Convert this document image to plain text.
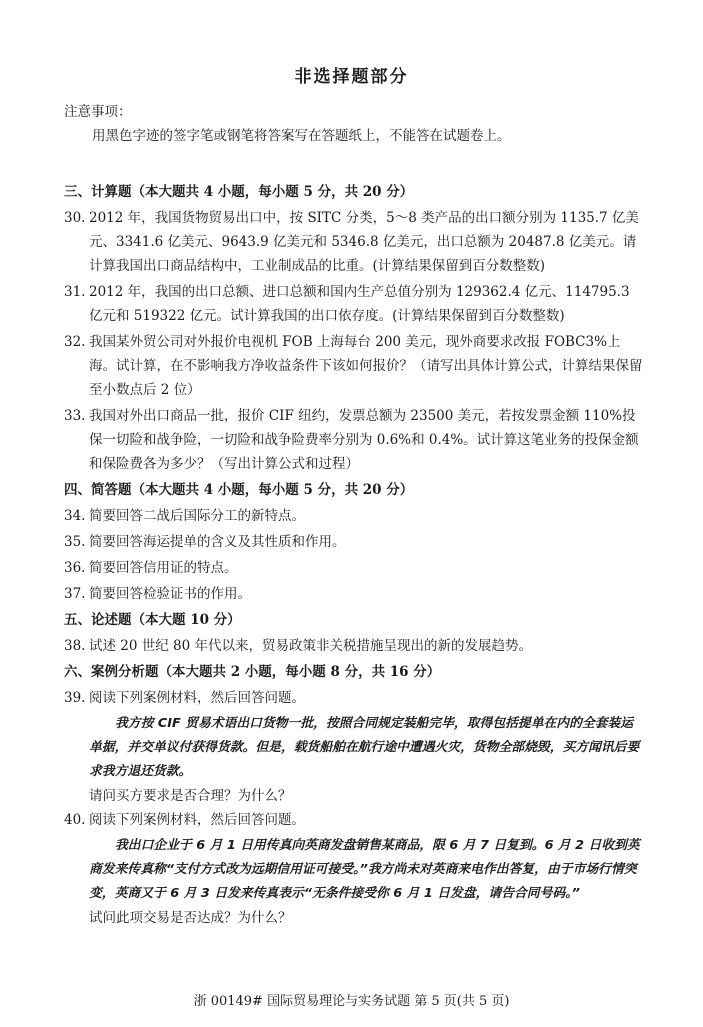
非选择题部分
注意事项：
用黑色字迹的签字笔或钢笔将答案写在答题纸上，不能答在试题卷上。
三、计算题（本大题共 4 小题，每小题 5 分，共 20 分）
30. 2012 年，我国货物贸易出口中，按 SITC 分类，5～8 类产品的出口额分别为 1135.7 亿美元、3341.6 亿美元、9643.9 亿美元和 5346.8 亿美元，出口总额为 20487.8 亿美元。请计算我国出口商品结构中，工业制成品的比重。(计算结果保留到百分数整数)
31. 2012 年，我国的出口总额、进口总额和国内生产总值分别为 129362.4 亿元、114795.3 亿元和 519322 亿元。试计算我国的出口依存度。(计算结果保留到百分数整数)
32. 我国某外贸公司对外报价电视机 FOB 上海每台 200 美元，现外商要求改报 FOBC3%上海。试计算，在不影响我方净收益条件下该如何报价？（请写出具体计算公式，计算结果保留至小数点后 2 位）
33. 我国对外出口商品一批，报价 CIF 纽约，发票总额为 23500 美元，若按发票金额 110%投保一切险和战争险，一切险和战争险费率分别为 0.6%和 0.4%。试计算这笔业务的投保金额和保险费各为多少？（写出计算公式和过程）
四、简答题（本大题共 4 小题，每小题 5 分，共 20 分）
34. 简要回答二战后国际分工的新特点。
35. 简要回答海运提单的含义及其性质和作用。
36. 简要回答信用证的特点。
37. 简要回答检验证书的作用。
五、论述题（本大题 10 分）
38. 试述 20 世纪 80 年代以来，贸易政策非关税措施呈现出的新的发展趋势。
六、案例分析题（本大题共 2 小题，每小题 8 分，共 16 分）
39. 阅读下列案例材料，然后回答问题。
我方按 CIF 贸易术语出口货物一批，按照合同规定装船完毕，取得包括提单在内的全套装运单据，并交单议付获得货款。但是，载货船舶在航行途中遭遇火灾，货物全部烧毁，买方闻讯后要求我方退还货款。
请问买方要求是否合理？为什么？
40. 阅读下列案例材料，然后回答问题。
我出口企业于 6 月 1 日用传真向英商发盘销售某商品，限 6 月 7 日复到。6 月 2 日收到英商发来传真称“支付方式改为远期信用证可接受。”我方尚未对英商来电作出答复，由于市场行情突变，英商又于 6 月 3 日发来传真表示“无条件接受你 6 月 1 日发盘，请告合同号码。”
试问此项交易是否达成？为什么？
浙 00149# 国际贸易理论与实务试题 第 5 页(共 5 页)
